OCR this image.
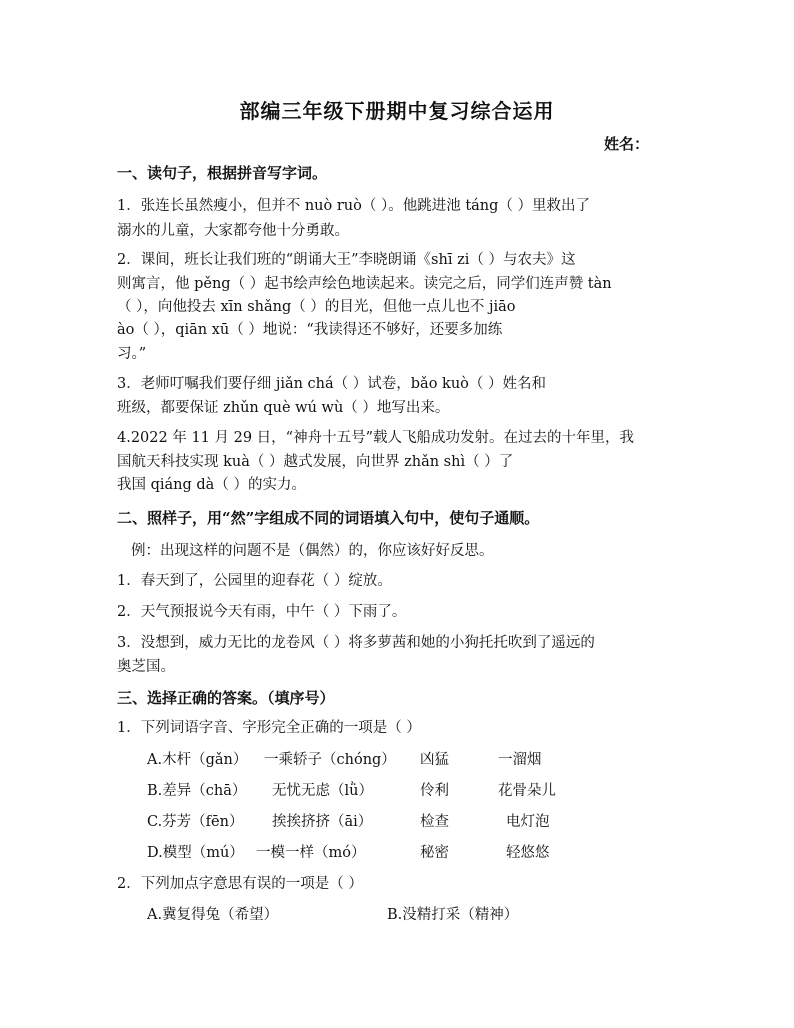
部编三年级下册期中复习综合运用
姓名：
一、读句子，根据拼音写字词。
1．张连长虽然瘦小，但并不 nuò ruò（ ）。他跳进池 táng（ ）里救出了
溺水的儿童，大家都夸他十分勇敢。
2．课间，班长让我们班的“朗诵大王”李晓朗诵《shī zi（ ）与农夫》这
则寓言，他 pěng（ ）起书绘声绘色地读起来。读完之后，同学们连声赞 tàn
（ ），向他投去 xīn shǎng（ ）的目光，但他一点儿也不 jiāo
ào（ ），qiān xū（ ）地说：“我读得还不够好，还要多加练
习。”
3．老师叮嘱我们要仔细 jiǎn chá（ ）试卷，bǎo kuò（ ）姓名和
班级，都要保证 zhǔn què wú wù（ ）地写出来。
4.2022 年 11 月 29 日，“神舟十五号”载人飞船成功发射。在过去的十年里，我
国航天科技实现 kuà（ ）越式发展，向世界 zhǎn shì（ ）了
我国 qiáng dà（ ）的实力。
二、照样子，用“然”字组成不同的词语填入句中，使句子通顺。
例：出现这样的问题不是（偶然）的，你应该好好反思。
1．春天到了，公园里的迎春花（ ）绽放。
2．天气预报说今天有雨，中午（ ）下雨了。
3．没想到，威力无比的龙卷风（ ）将多萝茜和她的小狗托托吹到了遥远的
奥芝国。
三、选择正确的答案。（填序号）
1．下列词语字音、字形完全正确的一项是（ ）
A.木杆（gǎn） 一乘轿子（chóng） 凶猛	一溜烟
B.差异（chā） 无忧无虑（lǜ）	伶利	花骨朵儿
C.芬芳（fēn） 挨挨挤挤（āi）	检查	电灯泡
D.模型（mú） 一模一样（mó）	秘密	轻悠悠
2．下列加点字意思有误的一项是（ ）
A.冀复得兔（希望）	B.没精打采（精神）
